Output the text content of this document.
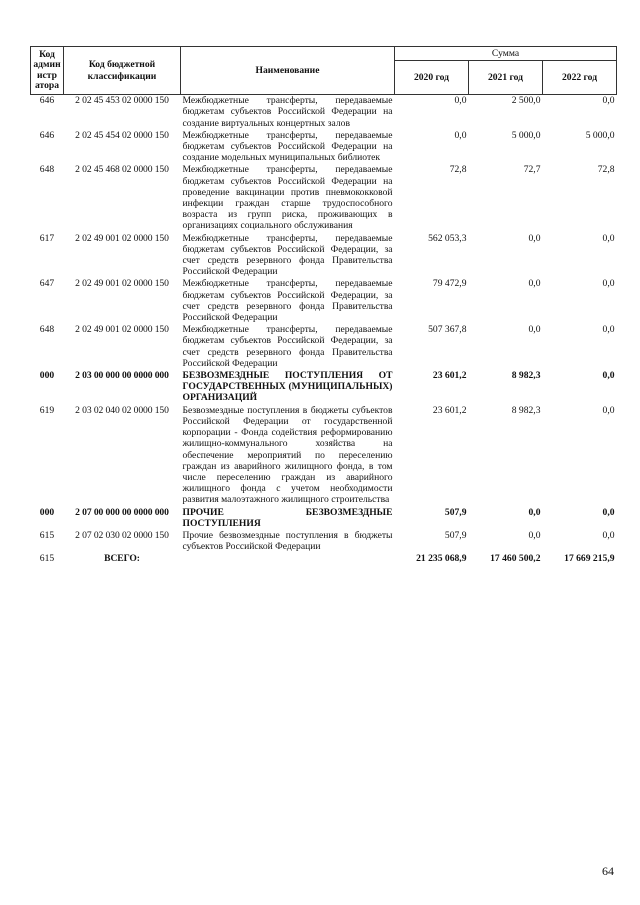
Код админ истр атора	Код бюджетной классификации	Наименование	Сумма		
			2020 год	2021 год	2022 год
646	2 02 45 453 02 0000 150	Межбюджетные трансферты, передаваемые бюджетам субъектов Российской Федерации на создание виртуальных концертных залов	0,0	2 500,0	0,0
646	2 02 45 454 02 0000 150	Межбюджетные трансферты, передаваемые бюджетам субъектов Российской Федерации на создание модельных муниципальных библиотек	0,0	5 000,0	5 000,0
648	2 02 45 468 02 0000 150	Межбюджетные трансферты, передаваемые бюджетам субъектов Российской Федерации на проведение вакцинации против пневмококковой инфекции граждан старше трудоспособного возраста из групп риска, проживающих в организациях социального обслуживания	72,8	72,7	72,8
617	2 02 49 001 02 0000 150	Межбюджетные трансферты, передаваемые бюджетам субъектов Российской Федерации, за счет средств резервного фонда Правительства Российской Федерации	562 053,3	0,0	0,0
647	2 02 49 001 02 0000 150	Межбюджетные трансферты, передаваемые бюджетам субъектов Российской Федерации, за счет средств резервного фонда Правительства Российской Федерации	79 472,9	0,0	0,0
648	2 02 49 001 02 0000 150	Межбюджетные трансферты, передаваемые бюджетам субъектов Российской Федерации, за счет средств резервного фонда Правительства Российской Федерации	507 367,8	0,0	0,0
000	2 03 00 000 00 0000 000	БЕЗВОЗМЕЗДНЫЕ ПОСТУПЛЕНИЯ ОТ ГОСУДАРСТВЕННЫХ (МУНИЦИПАЛЬНЫХ) ОРГАНИЗАЦИЙ	23 601,2	8 982,3	0,0
619	2 03 02 040 02 0000 150	Безвозмездные поступления в бюджеты субъектов Российской Федерации от государственной корпорации - Фонда содействия реформированию жилищно-коммунального хозяйства на обеспечение мероприятий по переселению граждан из аварийного жилищного фонда, в том числе переселению граждан из аварийного жилищного фонда с учетом необходимости развития малоэтажного жилищного строительства	23 601,2	8 982,3	0,0
000	2 07 00 000 00 0000 000	ПРОЧИЕ БЕЗВОЗМЕЗДНЫЕ ПОСТУПЛЕНИЯ	507,9	0,0	0,0
615	2 07 02 030 02 0000 150	Прочие безвозмездные поступления в бюджеты субъектов Российской Федерации	507,9	0,0	0,0
615	ВСЕГО:		21 235 068,9	17 460 500,2	17 669 215,9
64
